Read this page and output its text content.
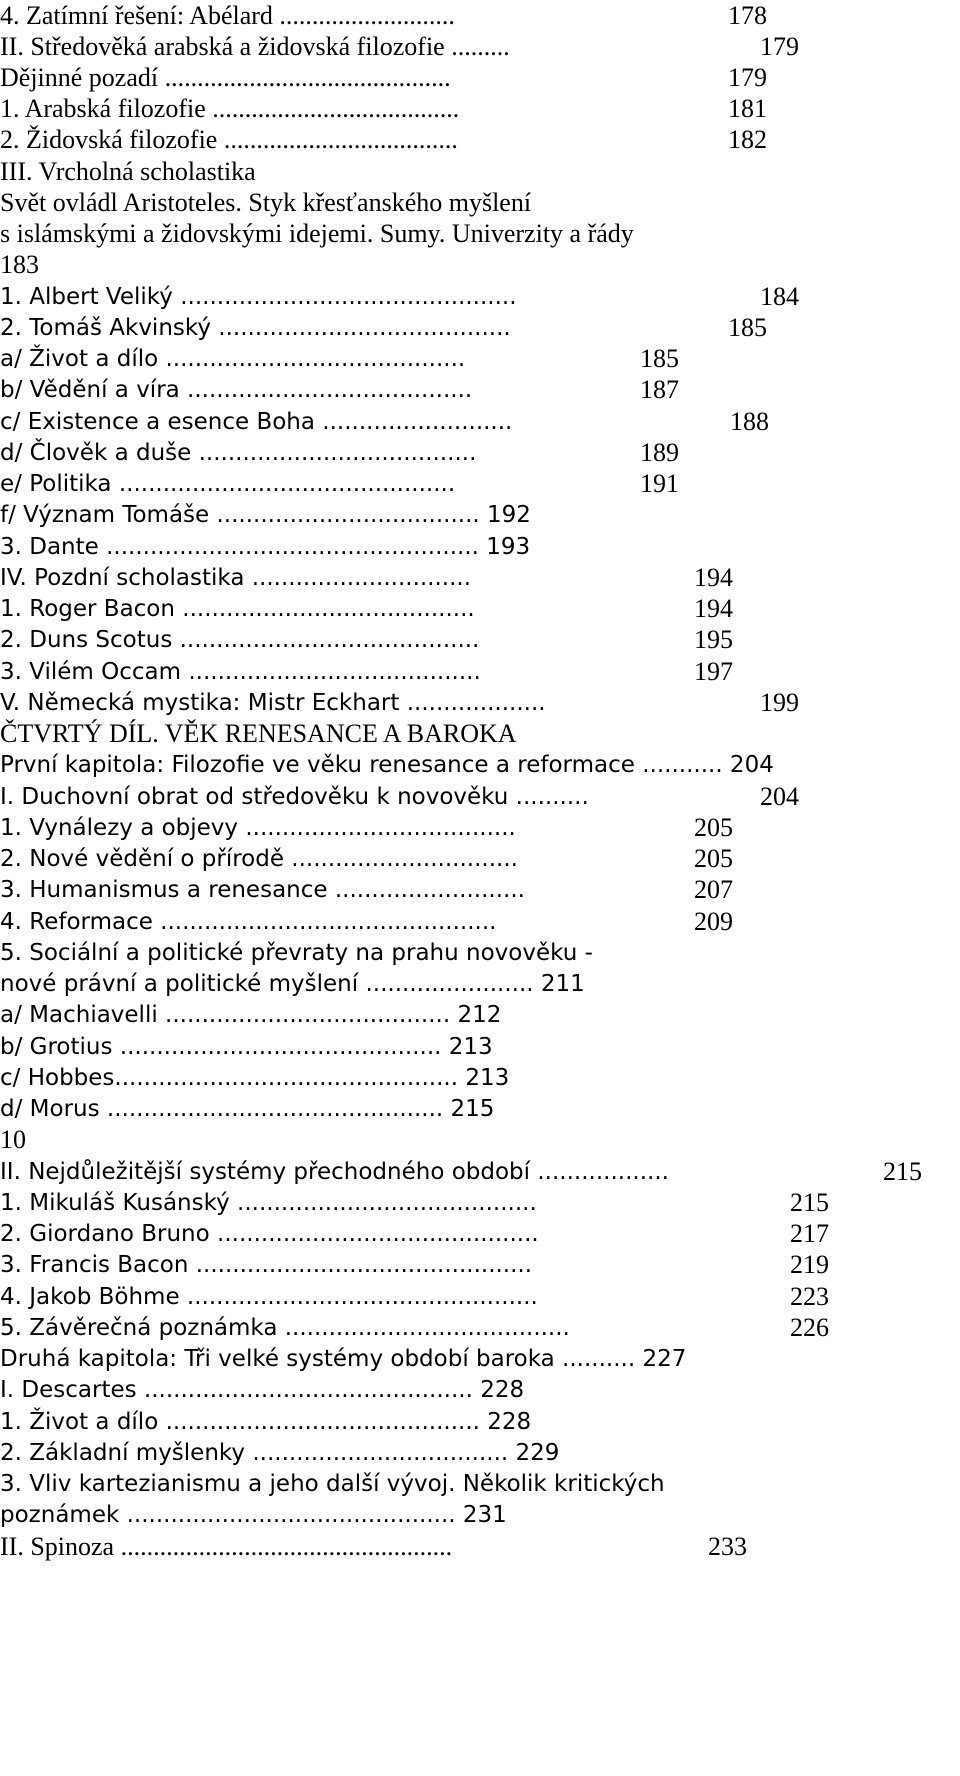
4. Zatímní řešení: Abélard ...........................	178
II. Středověká arabská a židovská filozofie .........	179
Dějinné pozadí ............................................	179
1. Arabská filozofie ......................................	181
2. Židovská filozofie ....................................	182
III. Vrcholná scholastika
Svět ovládl Aristoteles. Styk křesťanského myšlení
s islámskými a židovskými idejemi. Sumy. Univerzity a řády
183
1. Albert Veliký ..............................................	184
2. Tomáš Akvinský ........................................	185
a/ Život a dílo .........................................	185
b/ Vědění a víra .......................................	187
c/ Existence a esence Boha ..........................	188
d/ Člověk a duše ......................................	189
e/ Politika ..............................................	191
f/ Význam Tomáše .................................... 192
3. Dante ................................................... 193
IV. Pozdní scholastika ..............................	194
1. Roger Bacon ........................................	194
2. Duns Scotus .........................................	195
3. Vilém Occam ........................................	197
V. Německá mystika: Mistr Eckhart ...................	199
ČTVRTÝ DÍL. VĚK RENESANCE A BAROKA
První kapitola: Filozofie ve věku renesance a reformace ........... 204
I. Duchovní obrat od středověku k novověku ..........	204
1. Vynálezy a objevy .....................................	205
2. Nové vědění o přírodě ...............................	205
3. Humanismus a renesance ..........................	207
4. Reformace ..............................................	209
5. Sociální a politické převraty na prahu novověku -
nové právní a politické myšlení ....................... 211
a/ Machiavelli ....................................... 212
b/ Grotius ............................................ 213
c/ Hobbes............................................... 213
d/ Morus .............................................. 215
10
II. Nejdůležitější systémy přechodného období ..................	215
1. Mikuláš Kusánský .........................................	215
2. Giordano Bruno ............................................	217
3. Francis Bacon ..............................................	219
4. Jakob Böhme ................................................	223
5. Závěrečná poznámka .......................................	226
Druhá kapitola: Tři velké systémy období baroka .......... 227
I. Descartes ............................................. 228
1. Život a dílo ........................................... 228
2. Základní myšlenky ................................... 229
3. Vliv kartezianismu a jeho další vývoj. Několik kritických
poznámek ............................................. 231
II. Spinoza ...................................................	233
